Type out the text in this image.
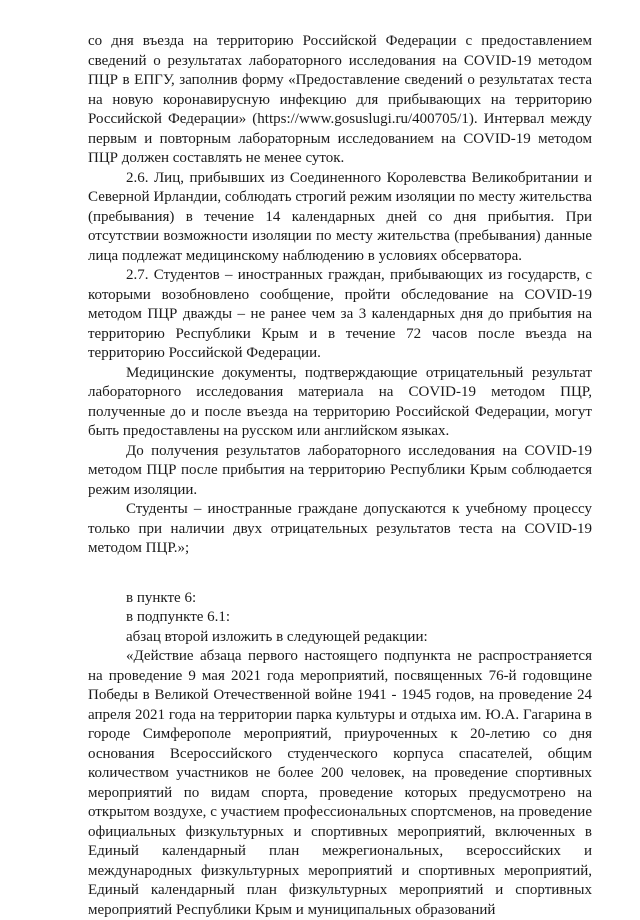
со дня въезда на территорию Российской Федерации с предоставлением сведений о результатах лабораторного исследования на COVID-19 методом ПЦР в ЕПГУ, заполнив форму «Предоставление сведений о результатах теста на новую коронавирусную инфекцию для прибывающих на территорию Российской Федерации» (https://www.gosuslugi.ru/400705/1). Интервал между первым и повторным лабораторным исследованием на COVID-19 методом ПЦР должен составлять не менее суток.

2.6. Лиц, прибывших из Соединенного Королевства Великобритании и Северной Ирландии, соблюдать строгий режим изоляции по месту жительства (пребывания) в течение 14 календарных дней со дня прибытия. При отсутствии возможности изоляции по месту жительства (пребывания) данные лица подлежат медицинскому наблюдению в условиях обсерватора.

2.7. Студентов – иностранных граждан, прибывающих из государств, с которыми возобновлено сообщение, пройти обследование на COVID-19 методом ПЦР дважды – не ранее чем за 3 календарных дня до прибытия на территорию Республики Крым и в течение 72 часов после въезда на территорию Российской Федерации.

Медицинские документы, подтверждающие отрицательный результат лабораторного исследования материала на COVID-19 методом ПЦР, полученные до и после въезда на территорию Российской Федерации, могут быть предоставлены на русском или английском языках.

До получения результатов лабораторного исследования на COVID-19 методом ПЦР после прибытия на территорию Республики Крым соблюдается режим изоляции.

Студенты – иностранные граждане допускаются к учебному процессу только при наличии двух отрицательных результатов теста на COVID-19 методом ПЦР.»;

в пункте 6:

в подпункте 6.1:

абзац второй изложить в следующей редакции:

«Действие абзаца первого настоящего подпункта не распространяется на проведение 9 мая 2021 года мероприятий, посвященных 76-й годовщине Победы в Великой Отечественной войне 1941 - 1945 годов, на проведение 24 апреля 2021 года на территории парка культуры и отдыха им. Ю.А. Гагарина в городе Симферополе мероприятий, приуроченных к 20-летию со дня основания Всероссийского студенческого корпуса спасателей, общим количеством участников не более 200 человек, на проведение спортивных мероприятий по видам спорта, проведение которых предусмотрено на открытом воздухе, с участием профессиональных спортсменов, на проведение официальных физкультурных и спортивных мероприятий, включенных в Единый календарный план межрегиональных, всероссийских и международных физкультурных мероприятий и спортивных мероприятий, Единый календарный план физкультурных мероприятий и спортивных мероприятий Республики Крым и муниципальных образований
